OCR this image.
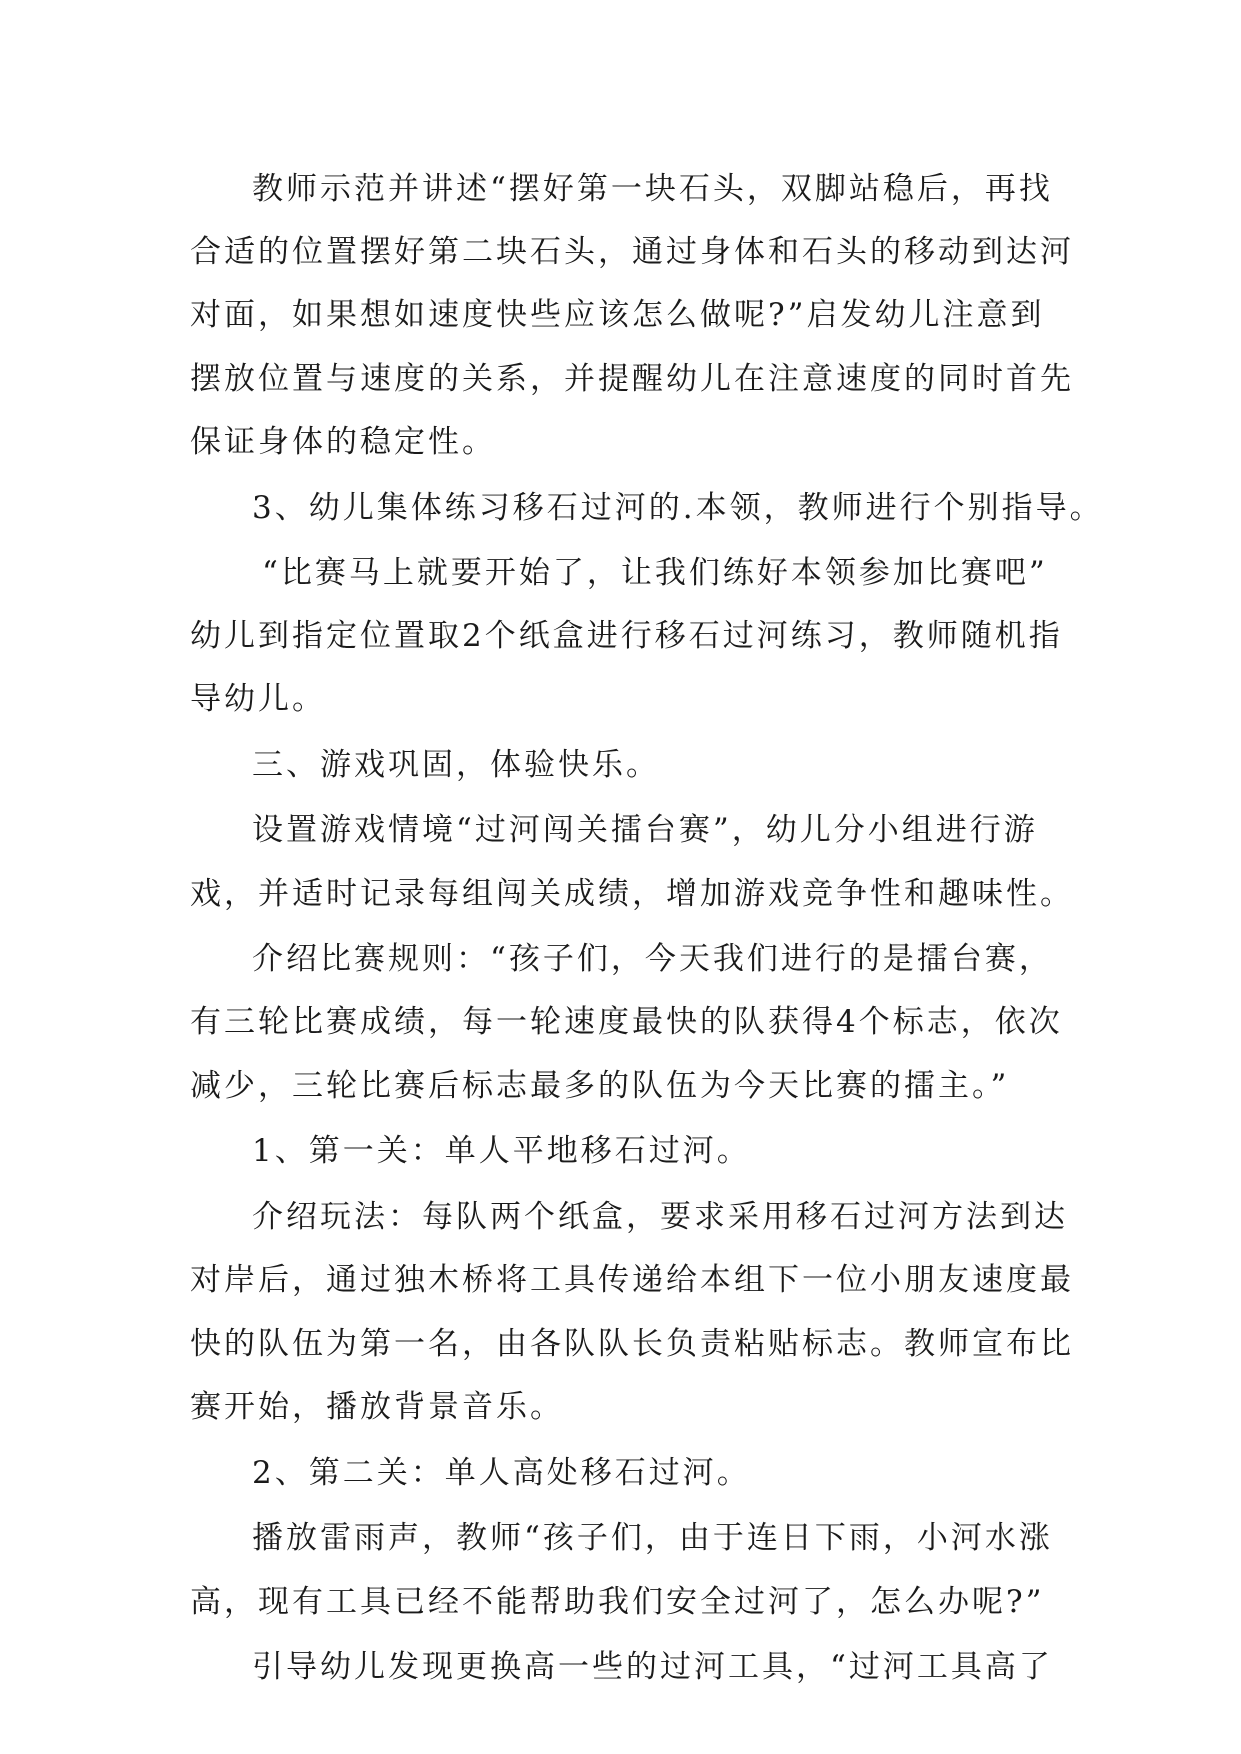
教师示范并讲述“摆好第一块石头，双脚站稳后，再找
合适的位置摆好第二块石头，通过身体和石头的移动到达河
对面，如果想如速度快些应该怎么做呢?”启发幼儿注意到
摆放位置与速度的关系，并提醒幼儿在注意速度的同时首先
保证身体的稳定性。
3、幼儿集体练习移石过河的.本领，教师进行个别指导。
“比赛马上就要开始了，让我们练好本领参加比赛吧”
幼儿到指定位置取2个纸盒进行移石过河练习，教师随机指
导幼儿。
三、游戏巩固，体验快乐。
设置游戏情境“过河闯关擂台赛”，幼儿分小组进行游
戏，并适时记录每组闯关成绩，增加游戏竞争性和趣味性。
介绍比赛规则：“孩子们，今天我们进行的是擂台赛，
有三轮比赛成绩，每一轮速度最快的队获得4个标志，依次
减少，三轮比赛后标志最多的队伍为今天比赛的擂主。”
1、第一关：单人平地移石过河。
介绍玩法：每队两个纸盒，要求采用移石过河方法到达
对岸后，通过独木桥将工具传递给本组下一位小朋友速度最
快的队伍为第一名，由各队队长负责粘贴标志。教师宣布比
赛开始，播放背景音乐。
2、第二关：单人高处移石过河。
播放雷雨声，教师“孩子们，由于连日下雨，小河水涨
高，现有工具已经不能帮助我们安全过河了，怎么办呢?”
引导幼儿发现更换高一些的过河工具，“过河工具高了
